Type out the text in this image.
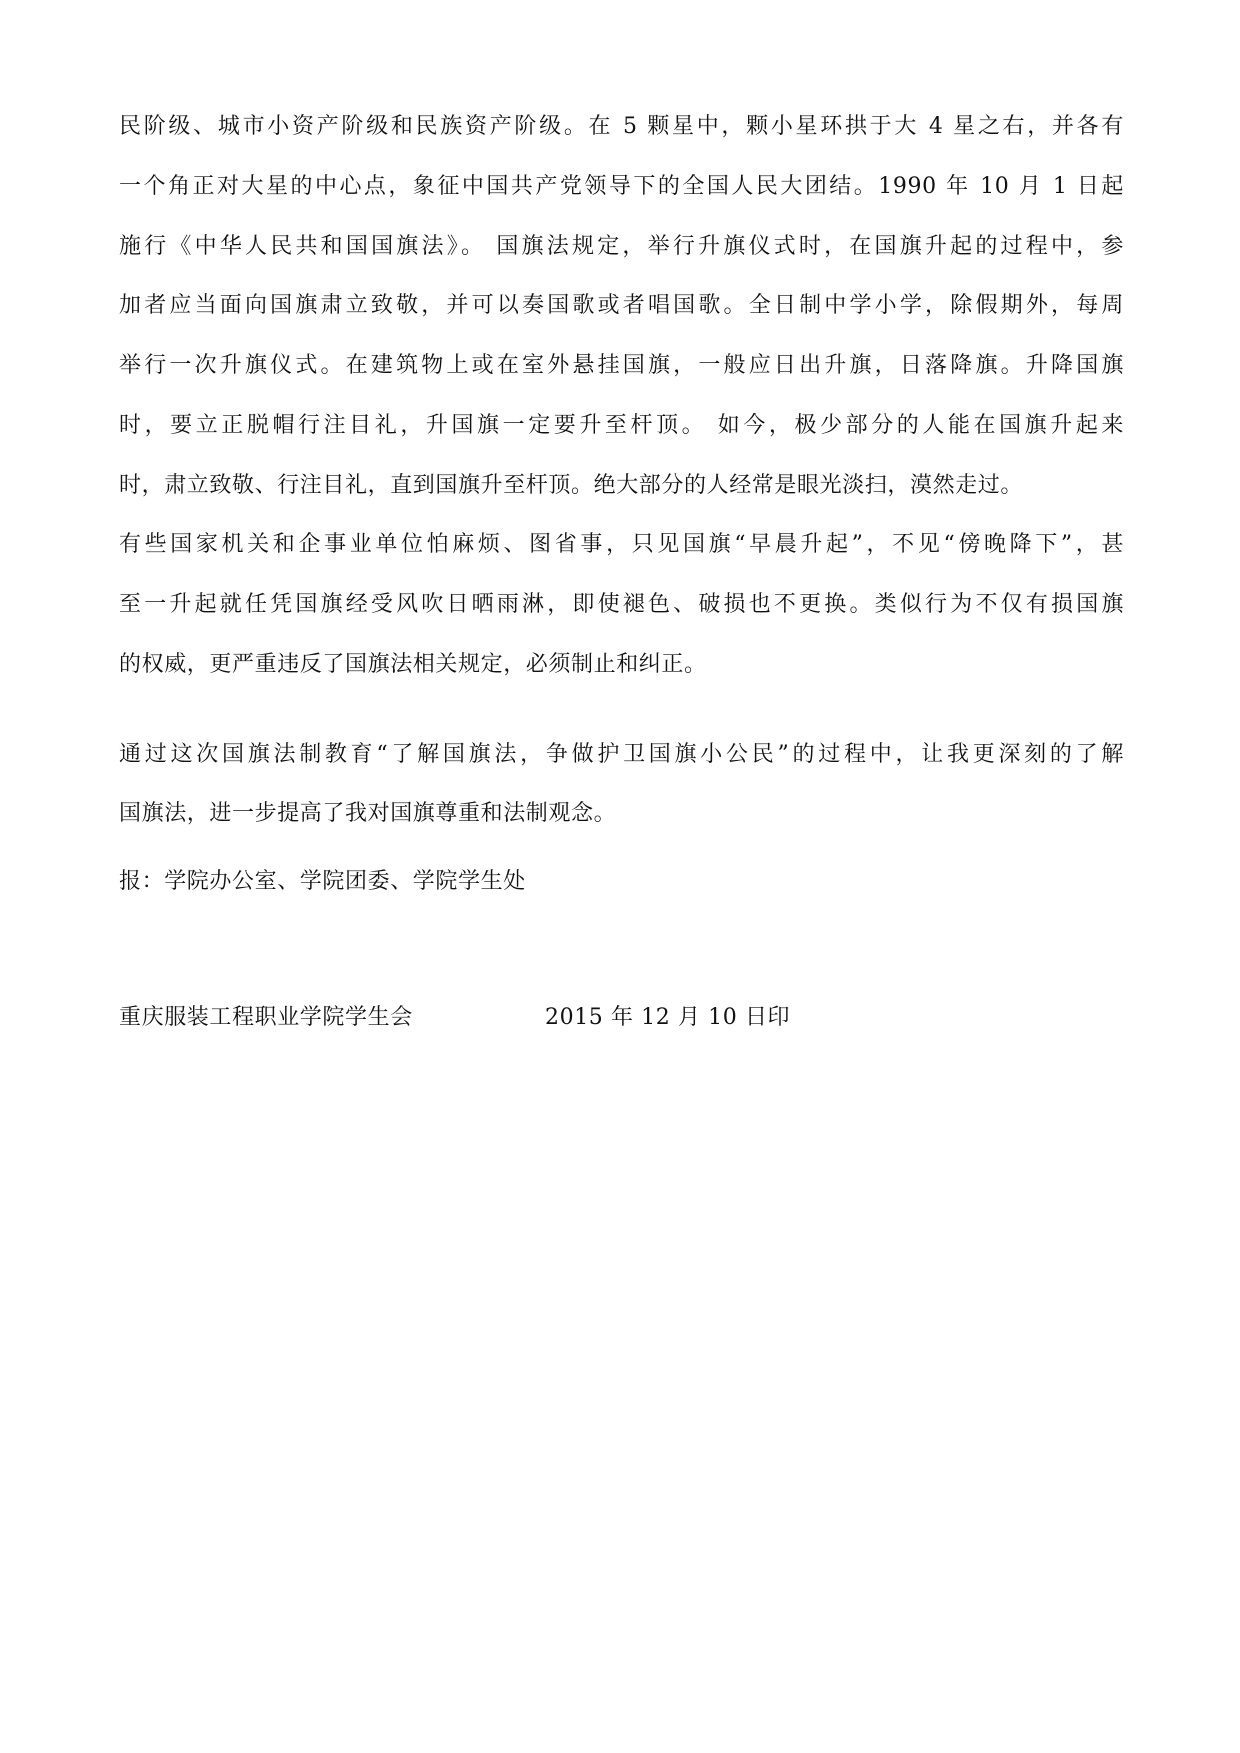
民阶级、城市小资产阶级和民族资产阶级。在 5 颗星中，颗小星环拱于大 4 星之右，并各有

一个角正对大星的中心点，象征中国共产党领导下的全国人民大团结。1990 年 10 月 1 日起

施行《中华人民共和国国旗法》。 国旗法规定，举行升旗仪式时，在国旗升起的过程中，参

加者应当面向国旗肃立致敬，并可以奏国歌或者唱国歌。全日制中学小学，除假期外，每周

举行一次升旗仪式。在建筑物上或在室外悬挂国旗，一般应日出升旗，日落降旗。升降国旗

时，要立正脱帽行注目礼，升国旗一定要升至杆顶。 如今，极少部分的人能在国旗升起来

时，肃立致敬、行注目礼，直到国旗升至杆顶。绝大部分的人经常是眼光淡扫，漠然走过。

有些国家机关和企事业单位怕麻烦、图省事，只见国旗“早晨升起”，不见“傍晚降下”，甚

至一升起就任凭国旗经受风吹日晒雨淋，即使褪色、破损也不更换。类似行为不仅有损国旗

的权威，更严重违反了国旗法相关规定，必须制止和纠正。

通过这次国旗法制教育“了解国旗法，争做护卫国旗小公民”的过程中，让我更深刻的了解

国旗法，进一步提高了我对国旗尊重和法制观念。

报：学院办公室、学院团委、学院学生处

重庆服装工程职业学院学生会	2015 年 12 月 10 日印
